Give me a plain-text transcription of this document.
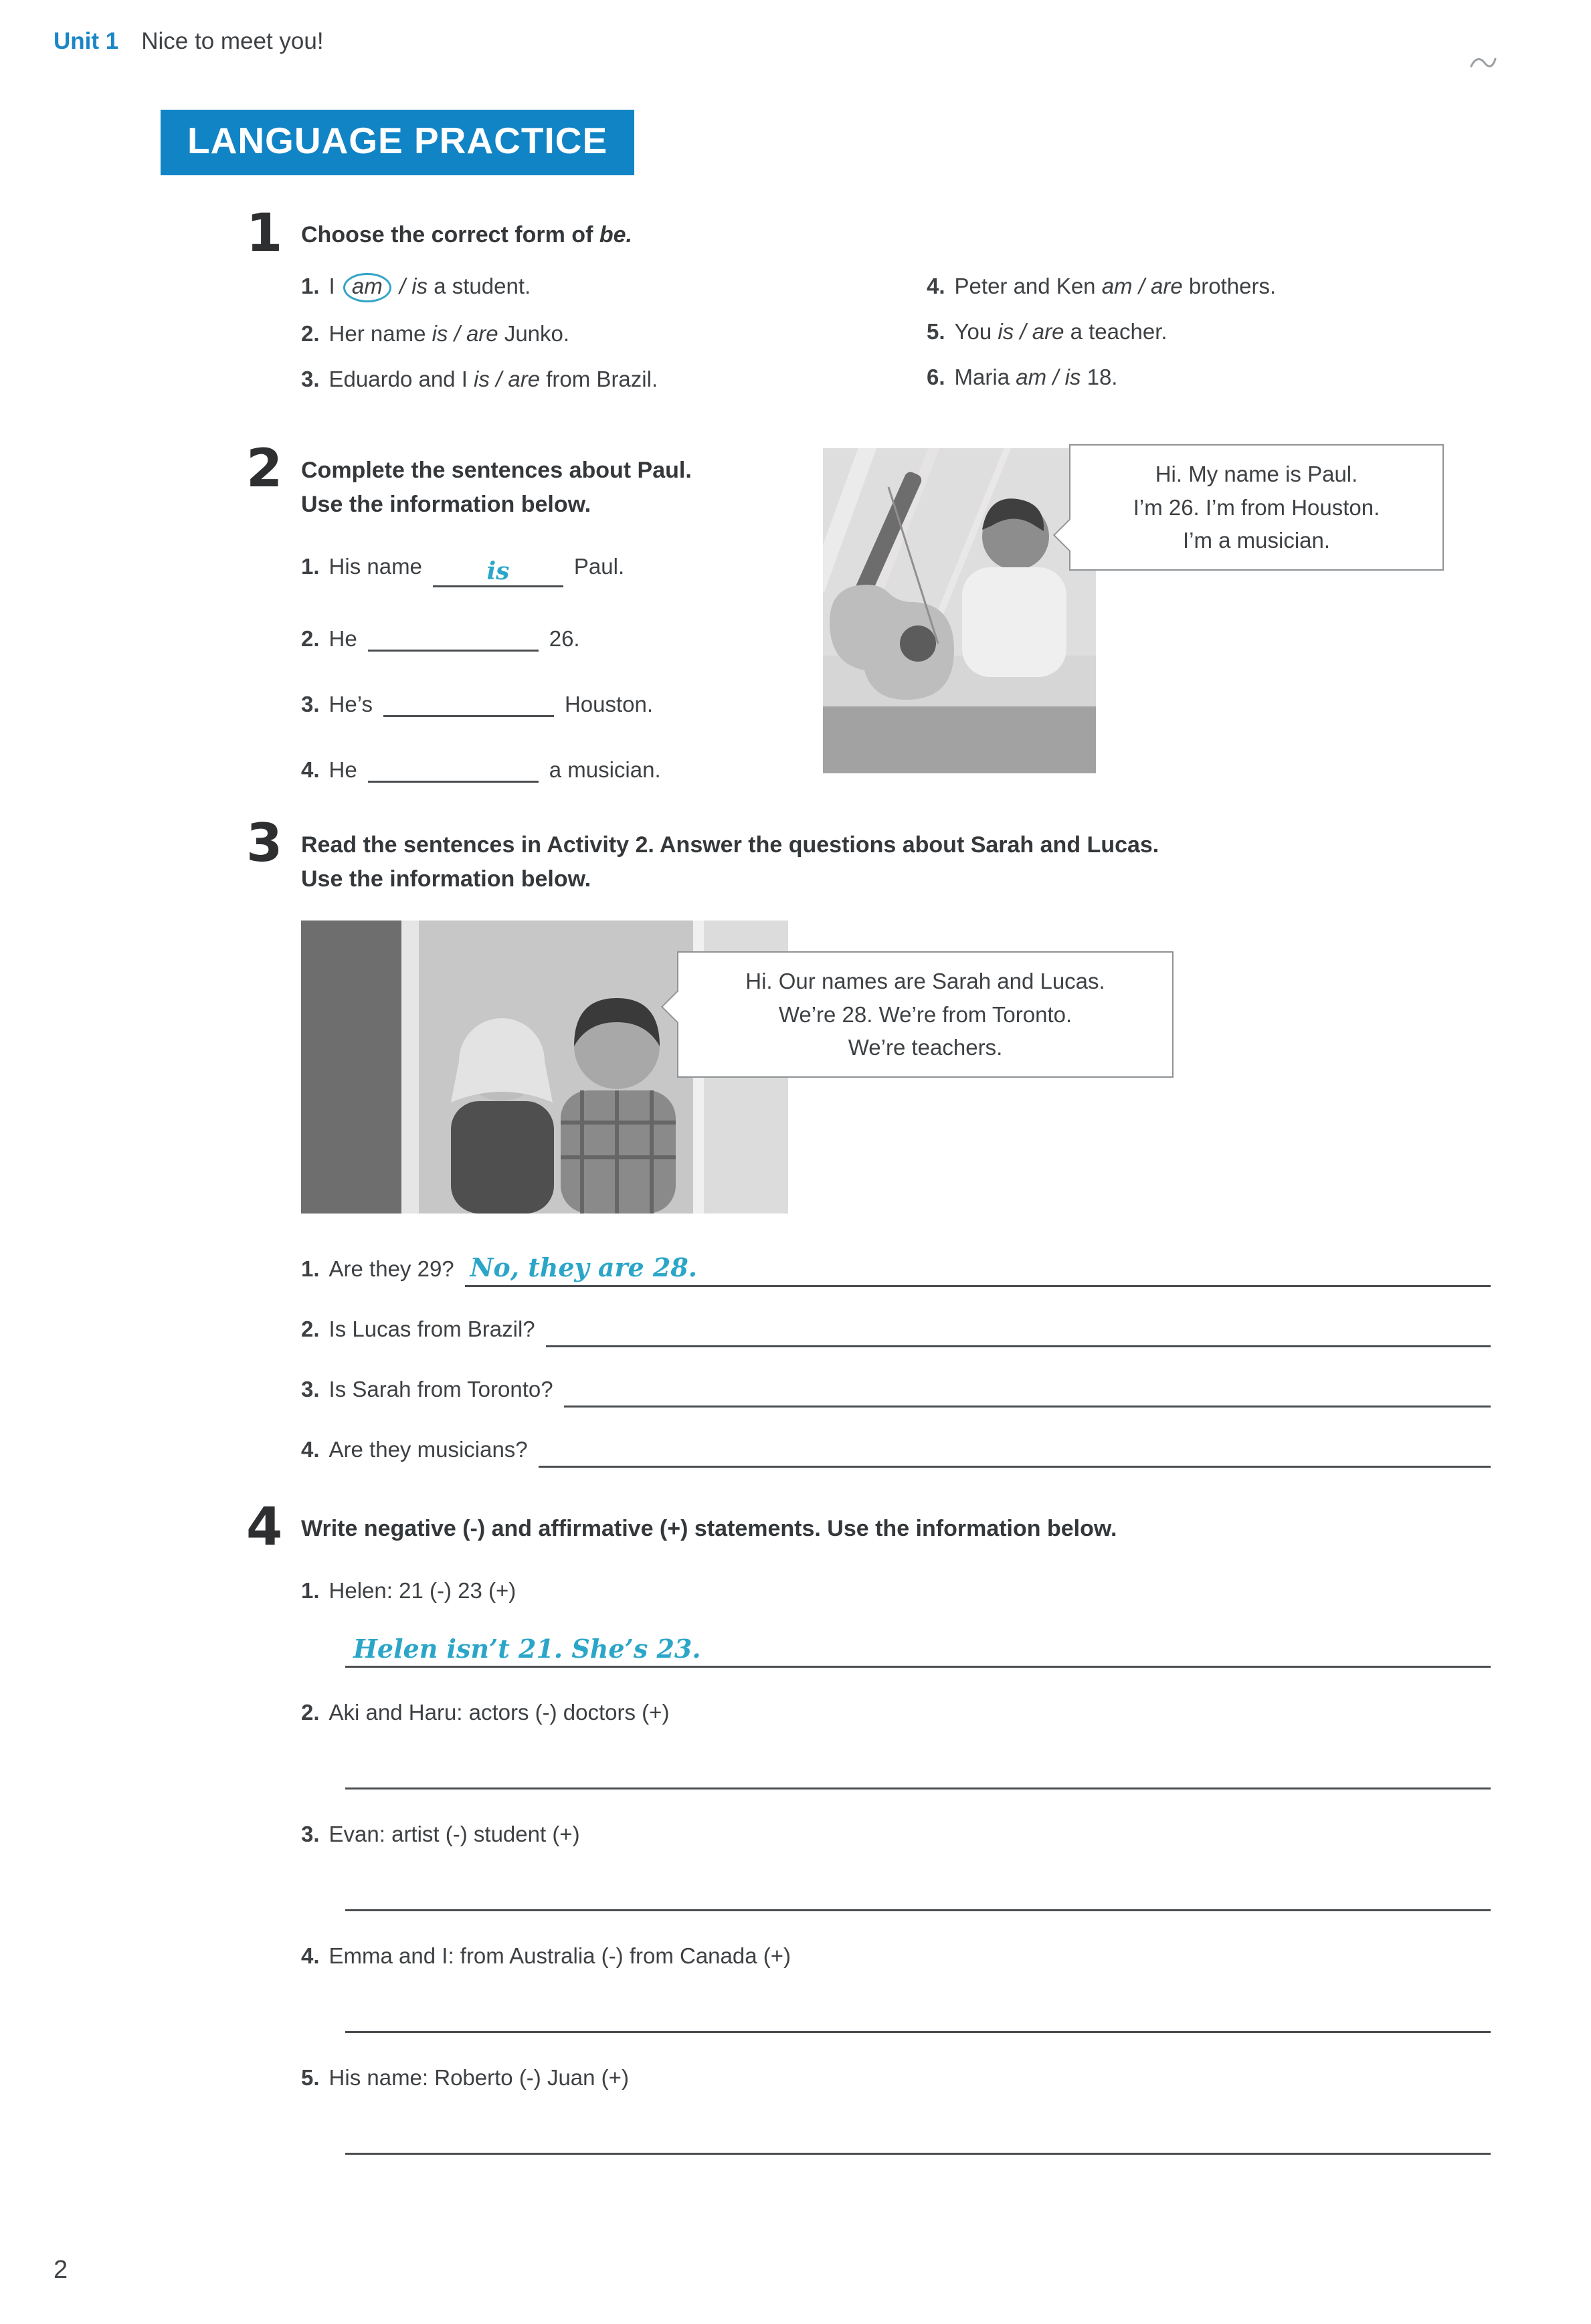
Unit 1 Nice to meet you!
LANGUAGE PRACTICE
1 Choose the correct form of be.
1. I am / is a student.
2. Her name is / are Junko.
3. Eduardo and I is / are from Brazil.
4. Peter and Ken am / are brothers.
5. You is / are a teacher.
6. Maria am / is 18.
2 Complete the sentences about Paul.
Use the information below.
1. His name	is	Paul.
2. He	26.
3. He’s	Houston.
4. He	a musician.
Hi. My name is Paul.
I’m 26. I’m from Houston.
I’m a musician.
3 Read the sentences in Activity 2. Answer the questions about Sarah and Lucas.
Use the information below.
Hi. Our names are Sarah and Lucas.
We’re 28. We’re from Toronto.
We’re teachers.
1. Are they 29? No, they are 28.
2. Is Lucas from Brazil?
3. Is Sarah from Toronto?
4. Are they musicians?
4 Write negative (-) and affirmative (+) statements. Use the information below.
1. Helen: 21 (-) 23 (+)
Helen isn’t 21. She’s 23.
2. Aki and Haru: actors (-) doctors (+)
3. Evan: artist (-) student (+)
4. Emma and I: from Australia (-) from Canada (+)
5. His name: Roberto (-) Juan (+)
2
